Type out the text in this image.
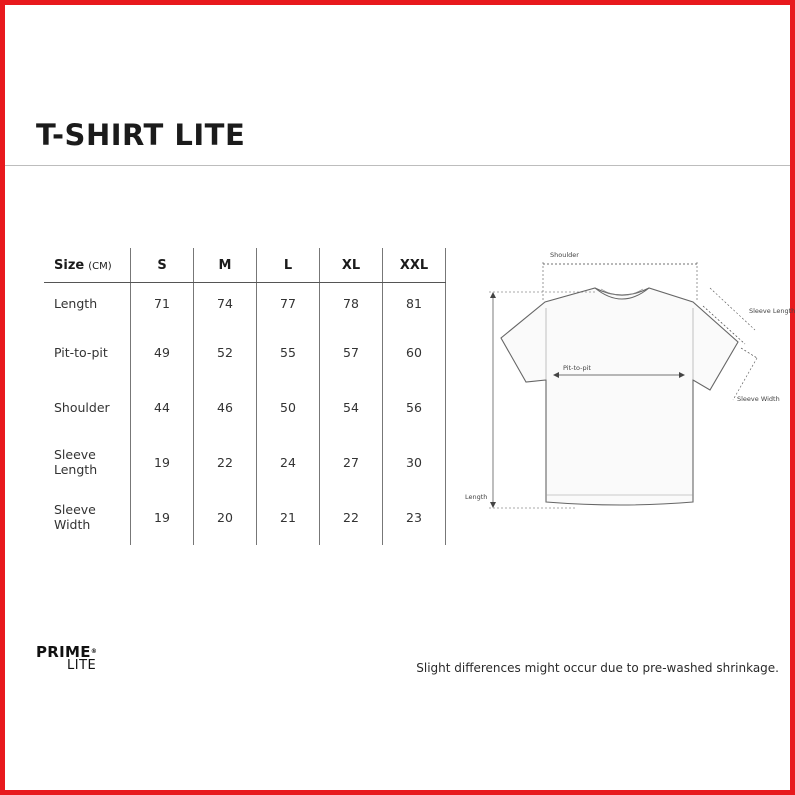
T-SHIRT LITE
Size (CM)	S	M	L	XL	XXL
Length	71	74	77	78	81
Pit-to-pit	49	52	55	57	60
Shoulder	44	46	50	54	56
Sleeve
Length	19	22	24	27	30
Sleeve
Width	19	20	21	22	23
Shoulder
Sleeve Length
Sleeve Width
Pit-to-pit
Length
PRIME®
LITE	Slight differences might occur due to pre-washed shrinkage.
